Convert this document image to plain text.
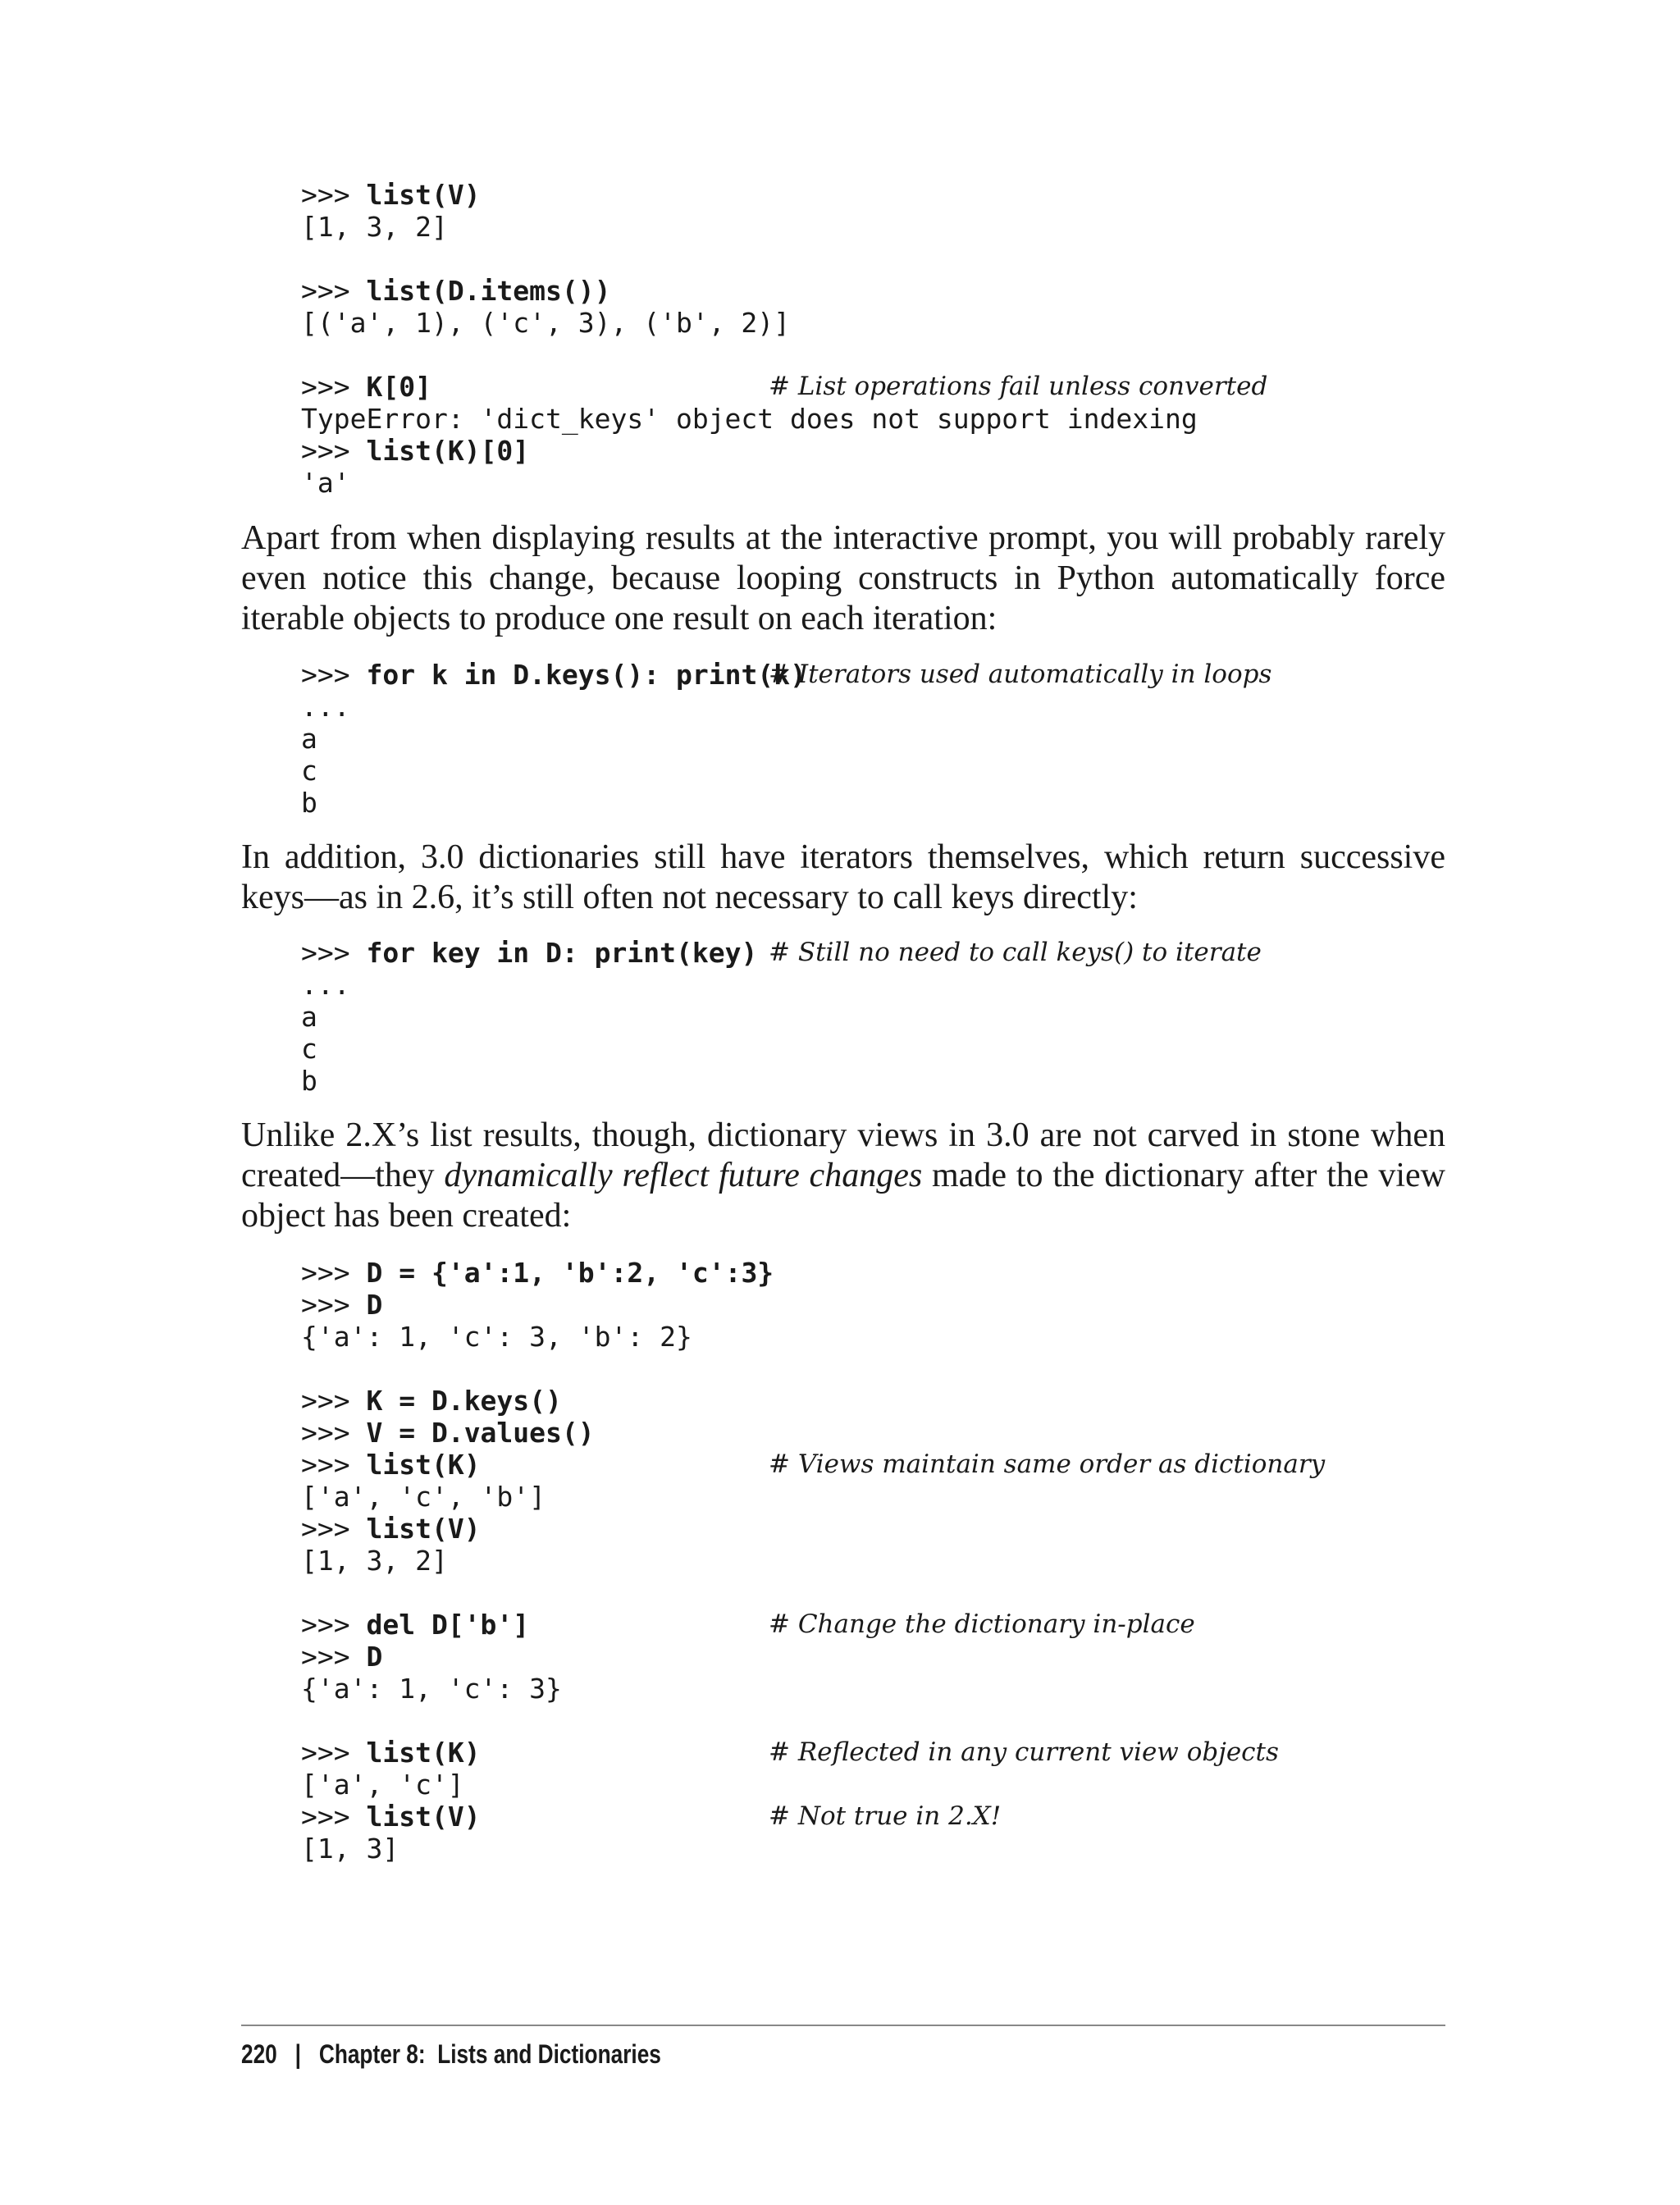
>>> list(V)
[1, 3, 2]
>>> list(D.items())
[('a', 1), ('c', 3), ('b', 2)]
>>> K[0]	# List operations fail unless converted
TypeError: 'dict_keys' object does not support indexing
>>> list(K)[0]
'a'

Apart from when displaying results at the interactive prompt, you will probably rarely even notice this change, because looping constructs in Python automatically force iterable objects to produce one result on each iteration:

>>> for k in D.keys(): print(k)
# Iterators used automatically in loops
...
a
c
b

In addition, 3.0 dictionaries still have iterators themselves, which return successive keys—as in 2.6, it’s still often not necessary to call keys directly:

>>> for key in D: print(key) # Still no need to call keys() to iterate
...
a
c
b

Unlike 2.X’s list results, though, dictionary views in 3.0 are not carved in stone when created—they dynamically reflect future changes made to the dictionary after the view object has been created:

>>> D = {'a':1, 'b':2, 'c':3}
>>> D
{'a': 1, 'c': 3, 'b': 2}
>>> K = D.keys()
>>> V = D.values()
>>> list(K)	# Views maintain same order as dictionary
['a', 'c', 'b']
>>> list(V)
[1, 3, 2]
>>> del D['b']	# Change the dictionary in-place
>>> D
{'a': 1, 'c': 3}
>>> list(K)	# Reflected in any current view objects
['a', 'c']
>>> list(V)	# Not true in 2.X!
[1, 3]
220 | Chapter 8:  Lists and Dictionaries
